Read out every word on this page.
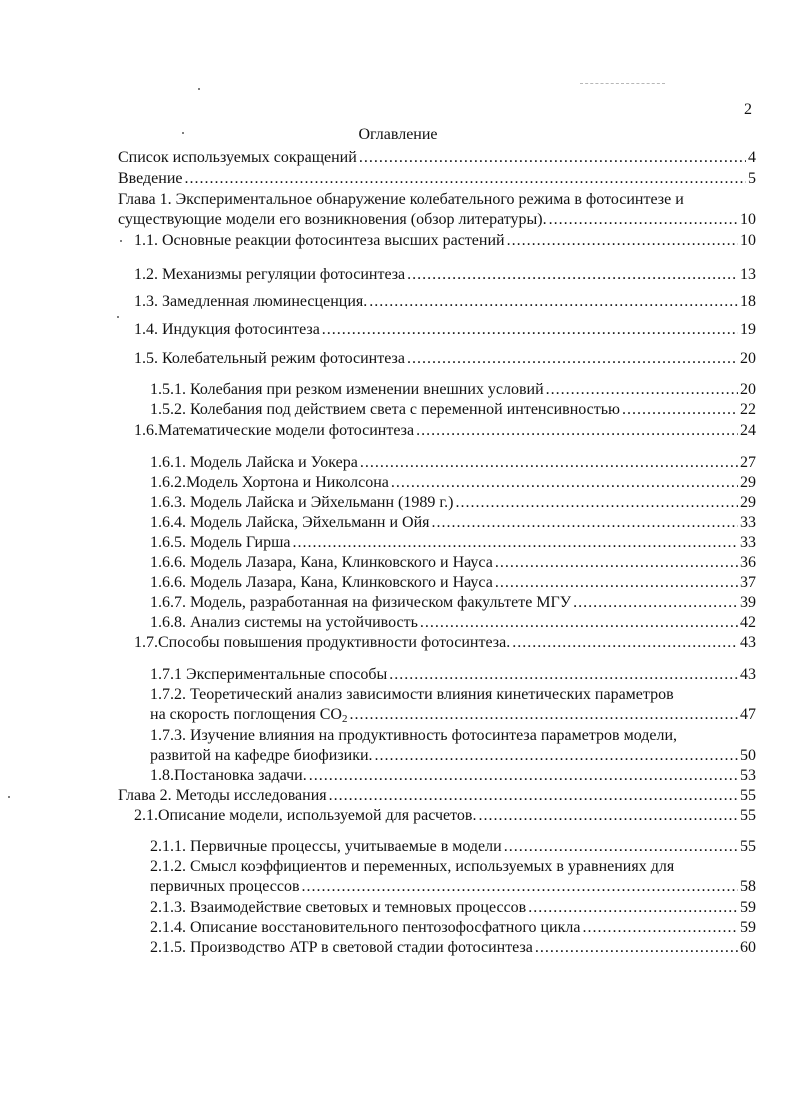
2
Оглавление
Список используемых сокращений .....	4
Введение .....	5
Глава 1. Экспериментальное обнаружение колебательного режима в фотосинтезе и
существующие модели его возникновения (обзор литературы). .....	10
1.1. Основные реакции фотосинтеза высших растений .....	10
1.2. Механизмы регуляции фотосинтеза .....	13
1.3. Замедленная люминесценция. .....	18
1.4. Индукция фотосинтеза .....	19
1.5. Колебательный режим фотосинтеза .....	20
1.5.1. Колебания при резком изменении внешних условий .....	20
1.5.2. Колебания под действием света с переменной интенсивностью .....	22
1.6.Математические модели фотосинтеза .....	24
1.6.1. Модель Лайска и Уокера .....	27
1.6.2.Модель Хортона и Николсона .....	29
1.6.3. Модель Лайска и Эйхельманн (1989 г.) .....	29
1.6.4. Модель Лайска, Эйхельманн и Ойя .....	33
1.6.5. Модель Гирша .....	33
1.6.6. Модель Лазара, Кана, Клинковского и Науса .....	36
1.6.6. Модель Лазара, Кана, Клинковского и Науса .....	37
1.6.7. Модель, разработанная на физическом факультете МГУ .....	39
1.6.8. Анализ системы на устойчивость .....	42
1.7.Способы повышения продуктивности фотосинтеза. .....	43
1.7.1 Экспериментальные способы .....	43
1.7.2. Теоретический анализ зависимости влияния кинетических параметров
на скорость поглощения $CO_2$ .....	47
1.7.3. Изучение влияния на продуктивность фотосинтеза параметров модели,
развитой на кафедре биофизики. .....	50
1.8.Постановка задачи. .....	53
Глава 2. Методы исследования .....	55
2.1.Описание модели, используемой для расчетов. .....	55
2.1.1. Первичные процессы, учитываемые в модели .....	55
2.1.2. Смысл коэффициентов и переменных, используемых в уравнениях для
первичных процессов .....	58
2.1.3. Взаимодействие световых и темновых процессов .....	59
2.1.4. Описание восстановительного пентозофосфатного цикла .....	59
2.1.5. Производство ATP в световой стадии фотосинтеза .....	60
